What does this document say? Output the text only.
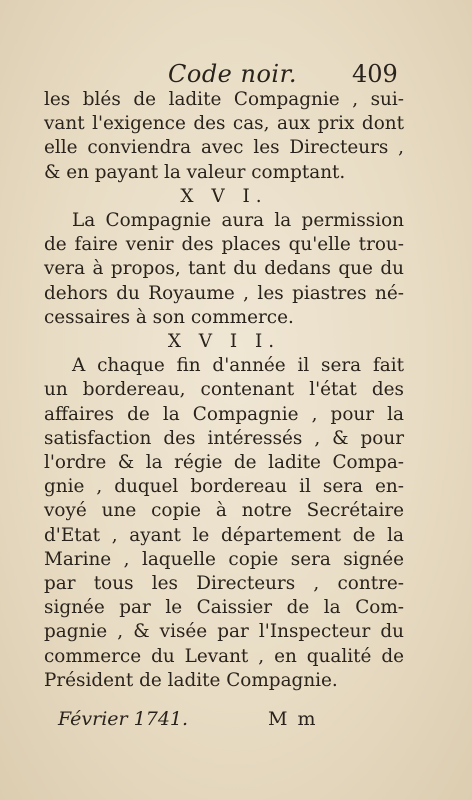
Code noir. 409
les blés de ladite Compagnie , sui-
vant l'exigence des cas, aux prix dont
elle conviendra avec les Directeurs ,
& en payant la valeur comptant.
X V I.
La Compagnie aura la permission
de faire venir des places qu'elle trou-
vera à propos, tant du dedans que du
dehors du Royaume , les piastres né-
cessaires à son commerce.
X V I I.
A chaque fin d'année il sera fait
un bordereau, contenant l'état des
affaires de la Compagnie , pour la
satisfaction des intéressés , & pour
l'ordre & la régie de ladite Compa-
gnie , duquel bordereau il sera en-
voyé une copie à notre Secrétaire
d'Etat , ayant le département de la
Marine , laquelle copie sera signée
par tous les Directeurs , contre-
signée par le Caissier de la Com-
pagnie , & visée par l'Inspecteur du
commerce du Levant , en qualité de
Président de ladite Compagnie.
Février 1741.	M m
